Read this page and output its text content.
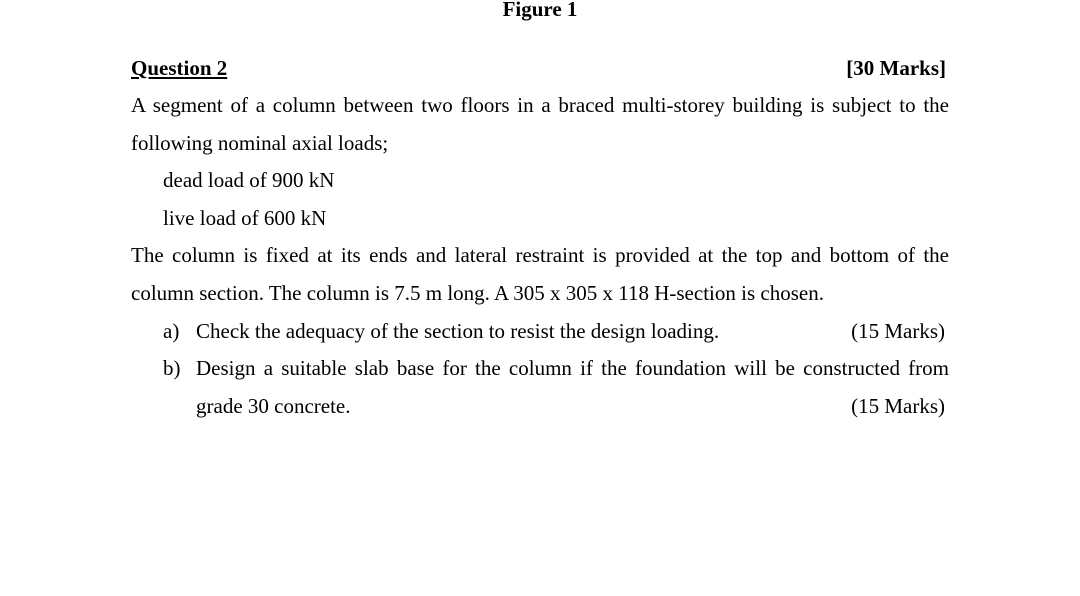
Figure 1
Question 2	[30 Marks]
A segment of a column between two floors in a braced multi-storey building is subject to the following nominal axial loads;
dead load of 900 kN
live load of 600 kN
The column is fixed at its ends and lateral restraint is provided at the top and bottom of the column section. The column is 7.5 m long. A 305 x 305 x 118 H-section is chosen.
a) Check the adequacy of the section to resist the design loading.	(15 Marks)
b) Design a suitable slab base for the column if the foundation will be constructed from
grade 30 concrete.	(15 Marks)
